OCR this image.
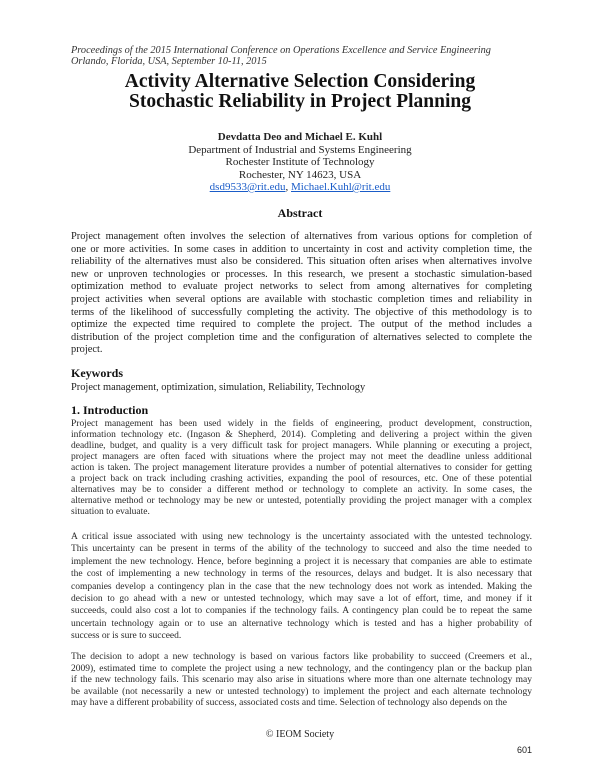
Proceedings of the 2015 International Conference on Operations Excellence and Service Engineering
Orlando, Florida, USA, September 10-11, 2015
Activity Alternative Selection Considering
Stochastic Reliability in Project Planning
Devdatta Deo and Michael E. Kuhl
Department of Industrial and Systems Engineering
Rochester Institute of Technology
Rochester, NY 14623, USA
dsd9533@rit.edu, Michael.Kuhl@rit.edu
Abstract
Project management often involves the selection of alternatives from various options for completion of
one or more activities. In some cases in addition to uncertainty in cost and activity completion time, the
reliability of the alternatives must also be considered. This situation often arises when alternatives involve
new or unproven technologies or processes. In this research, we present a stochastic simulation-based
optimization method to evaluate project networks to select from among alternatives for completing
project activities when several options are available with stochastic completion times and reliability in
terms of the likelihood of successfully completing the activity. The objective of this methodology is to
optimize the expected time required to complete the project. The output of the method includes a
distribution of the project completion time and the configuration of alternatives selected to complete the
project.
Keywords
Project management, optimization, simulation, Reliability, Technology
1. Introduction
Project management has been used widely in the fields of engineering, product development, construction,
information technology etc. (Ingason & Shepherd, 2014). Completing and delivering a project within the given
deadline, budget, and quality is a very difficult task for project managers. While planning or executing a project,
project managers are often faced with situations where the project may not meet the deadline unless additional
action is taken. The project management literature provides a number of potential alternatives to consider for getting
a project back on track including crashing activities, expanding the pool of resources, etc. One of these potential
alternatives may be to consider a different method or technology to complete an activity. In some cases, the
alternative method or technology may be new or untested, potentially providing the project manager with a complex
situation to evaluate.
A critical issue associated with using new technology is the uncertainty associated with the untested technology.
This uncertainty can be present in terms of the ability of the technology to succeed and also the time needed to
implement the new technology. Hence, before beginning a project it is necessary that companies are able to estimate
the cost of implementing a new technology in terms of the resources, delays and budget. It is also necessary that
companies develop a contingency plan in the case that the new technology does not work as intended. Making the
decision to go ahead with a new or untested technology, which may save a lot of effort, time, and money if it
succeeds, could also cost a lot to companies if the technology fails. A contingency plan could be to repeat the same
uncertain technology again or to use an alternative technology which is tested and has a higher probability of
success or is sure to succeed.
The decision to adopt a new technology is based on various factors like probability to succeed (Creemers et al.,
2009), estimated time to complete the project using a new technology, and the contingency plan or the backup plan
if the new technology fails. This scenario may also arise in situations where more than one alternate technology may
be available (not necessarily a new or untested technology) to implement the project and each alternate technology
may have a different probability of success, associated costs and time. Selection of technology also depends on the
© IEOM Society
601
